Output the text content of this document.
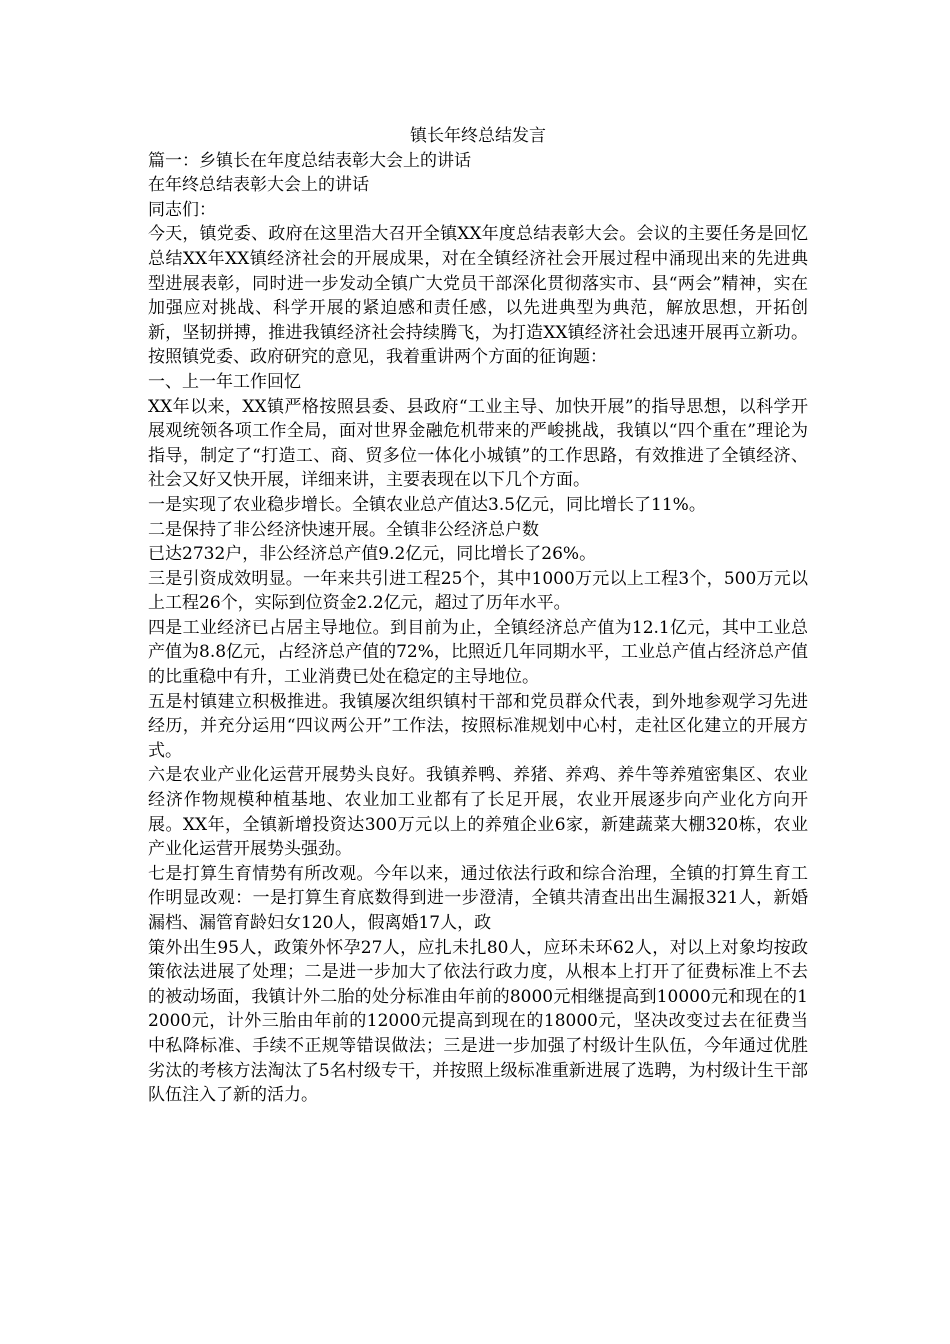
镇长年终总结发言

篇一：乡镇长在年度总结表彰大会上的讲话

在年终总结表彰大会上的讲话

同志们：

今天，镇党委、政府在这里浩大召开全镇XX年度总结表彰大会。会议的主要任务是回忆总结XX年XX镇经济社会的开展成果，对在全镇经济社会开展过程中涌现出来的先进典型进展表彰，同时进一步发动全镇广大党员干部深化贯彻落实市、县“两会”精神，实在加强应对挑战、科学开展的紧迫感和责任感，以先进典型为典范，解放思想，开拓创新，坚韧拼搏，推进我镇经济社会持续腾飞，为打造XX镇经济社会迅速开展再立新功。按照镇党委、政府研究的意见，我着重讲两个方面的征询题：

一、上一年工作回忆

XX年以来，XX镇严格按照县委、县政府“工业主导、加快开展”的指导思想，以科学开展观统领各项工作全局，面对世界金融危机带来的严峻挑战，我镇以“四个重在”理论为指导，制定了“打造工、商、贸多位一体化小城镇”的工作思路，有效推进了全镇经济、社会又好又快开展，详细来讲，主要表现在以下几个方面。

一是实现了农业稳步增长。全镇农业总产值达3.5亿元，同比增长了11%。

二是保持了非公经济快速开展。全镇非公经济总户数

已达2732户，非公经济总产值9.2亿元，同比增长了26%。

三是引资成效明显。一年来共引进工程25个，其中1000万元以上工程3个，500万元以上工程26个，实际到位资金2.2亿元，超过了历年水平。

四是工业经济已占居主导地位。到目前为止，全镇经济总产值为12.1亿元，其中工业总产值为8.8亿元，占经济总产值的72%，比照近几年同期水平，工业总产值占经济总产值的比重稳中有升，工业消费已处在稳定的主导地位。

五是村镇建立积极推进。我镇屡次组织镇村干部和党员群众代表，到外地参观学习先进经历，并充分运用“四议两公开”工作法，按照标准规划中心村，走社区化建立的开展方式。

六是农业产业化运营开展势头良好。我镇养鸭、养猪、养鸡、养牛等养殖密集区、农业经济作物规模种植基地、农业加工业都有了长足开展，农业开展逐步向产业化方向开展。XX年，全镇新增投资达300万元以上的养殖企业6家，新建蔬菜大棚320栋，农业产业化运营开展势头强劲。

七是打算生育情势有所改观。今年以来，通过依法行政和综合治理，全镇的打算生育工作明显改观：一是打算生育底数得到进一步澄清，全镇共清查出出生漏报321人，新婚漏档、漏管育龄妇女120人，假离婚17人，政

策外出生95人，政策外怀孕27人，应扎未扎80人，应环未环62人，对以上对象均按政策依法进展了处理；二是进一步加大了依法行政力度，从根本上打开了征费标准上不去的被动场面，我镇计外二胎的处分标准由年前的8000元相继提高到10000元和现在的12000元，计外三胎由年前的12000元提高到现在的18000元，坚决改变过去在征费当中私降标准、手续不正规等错误做法；三是进一步加强了村级计生队伍，今年通过优胜劣汰的考核方法淘汰了5名村级专干，并按照上级标准重新进展了选聘，为村级计生干部队伍注入了新的活力。
